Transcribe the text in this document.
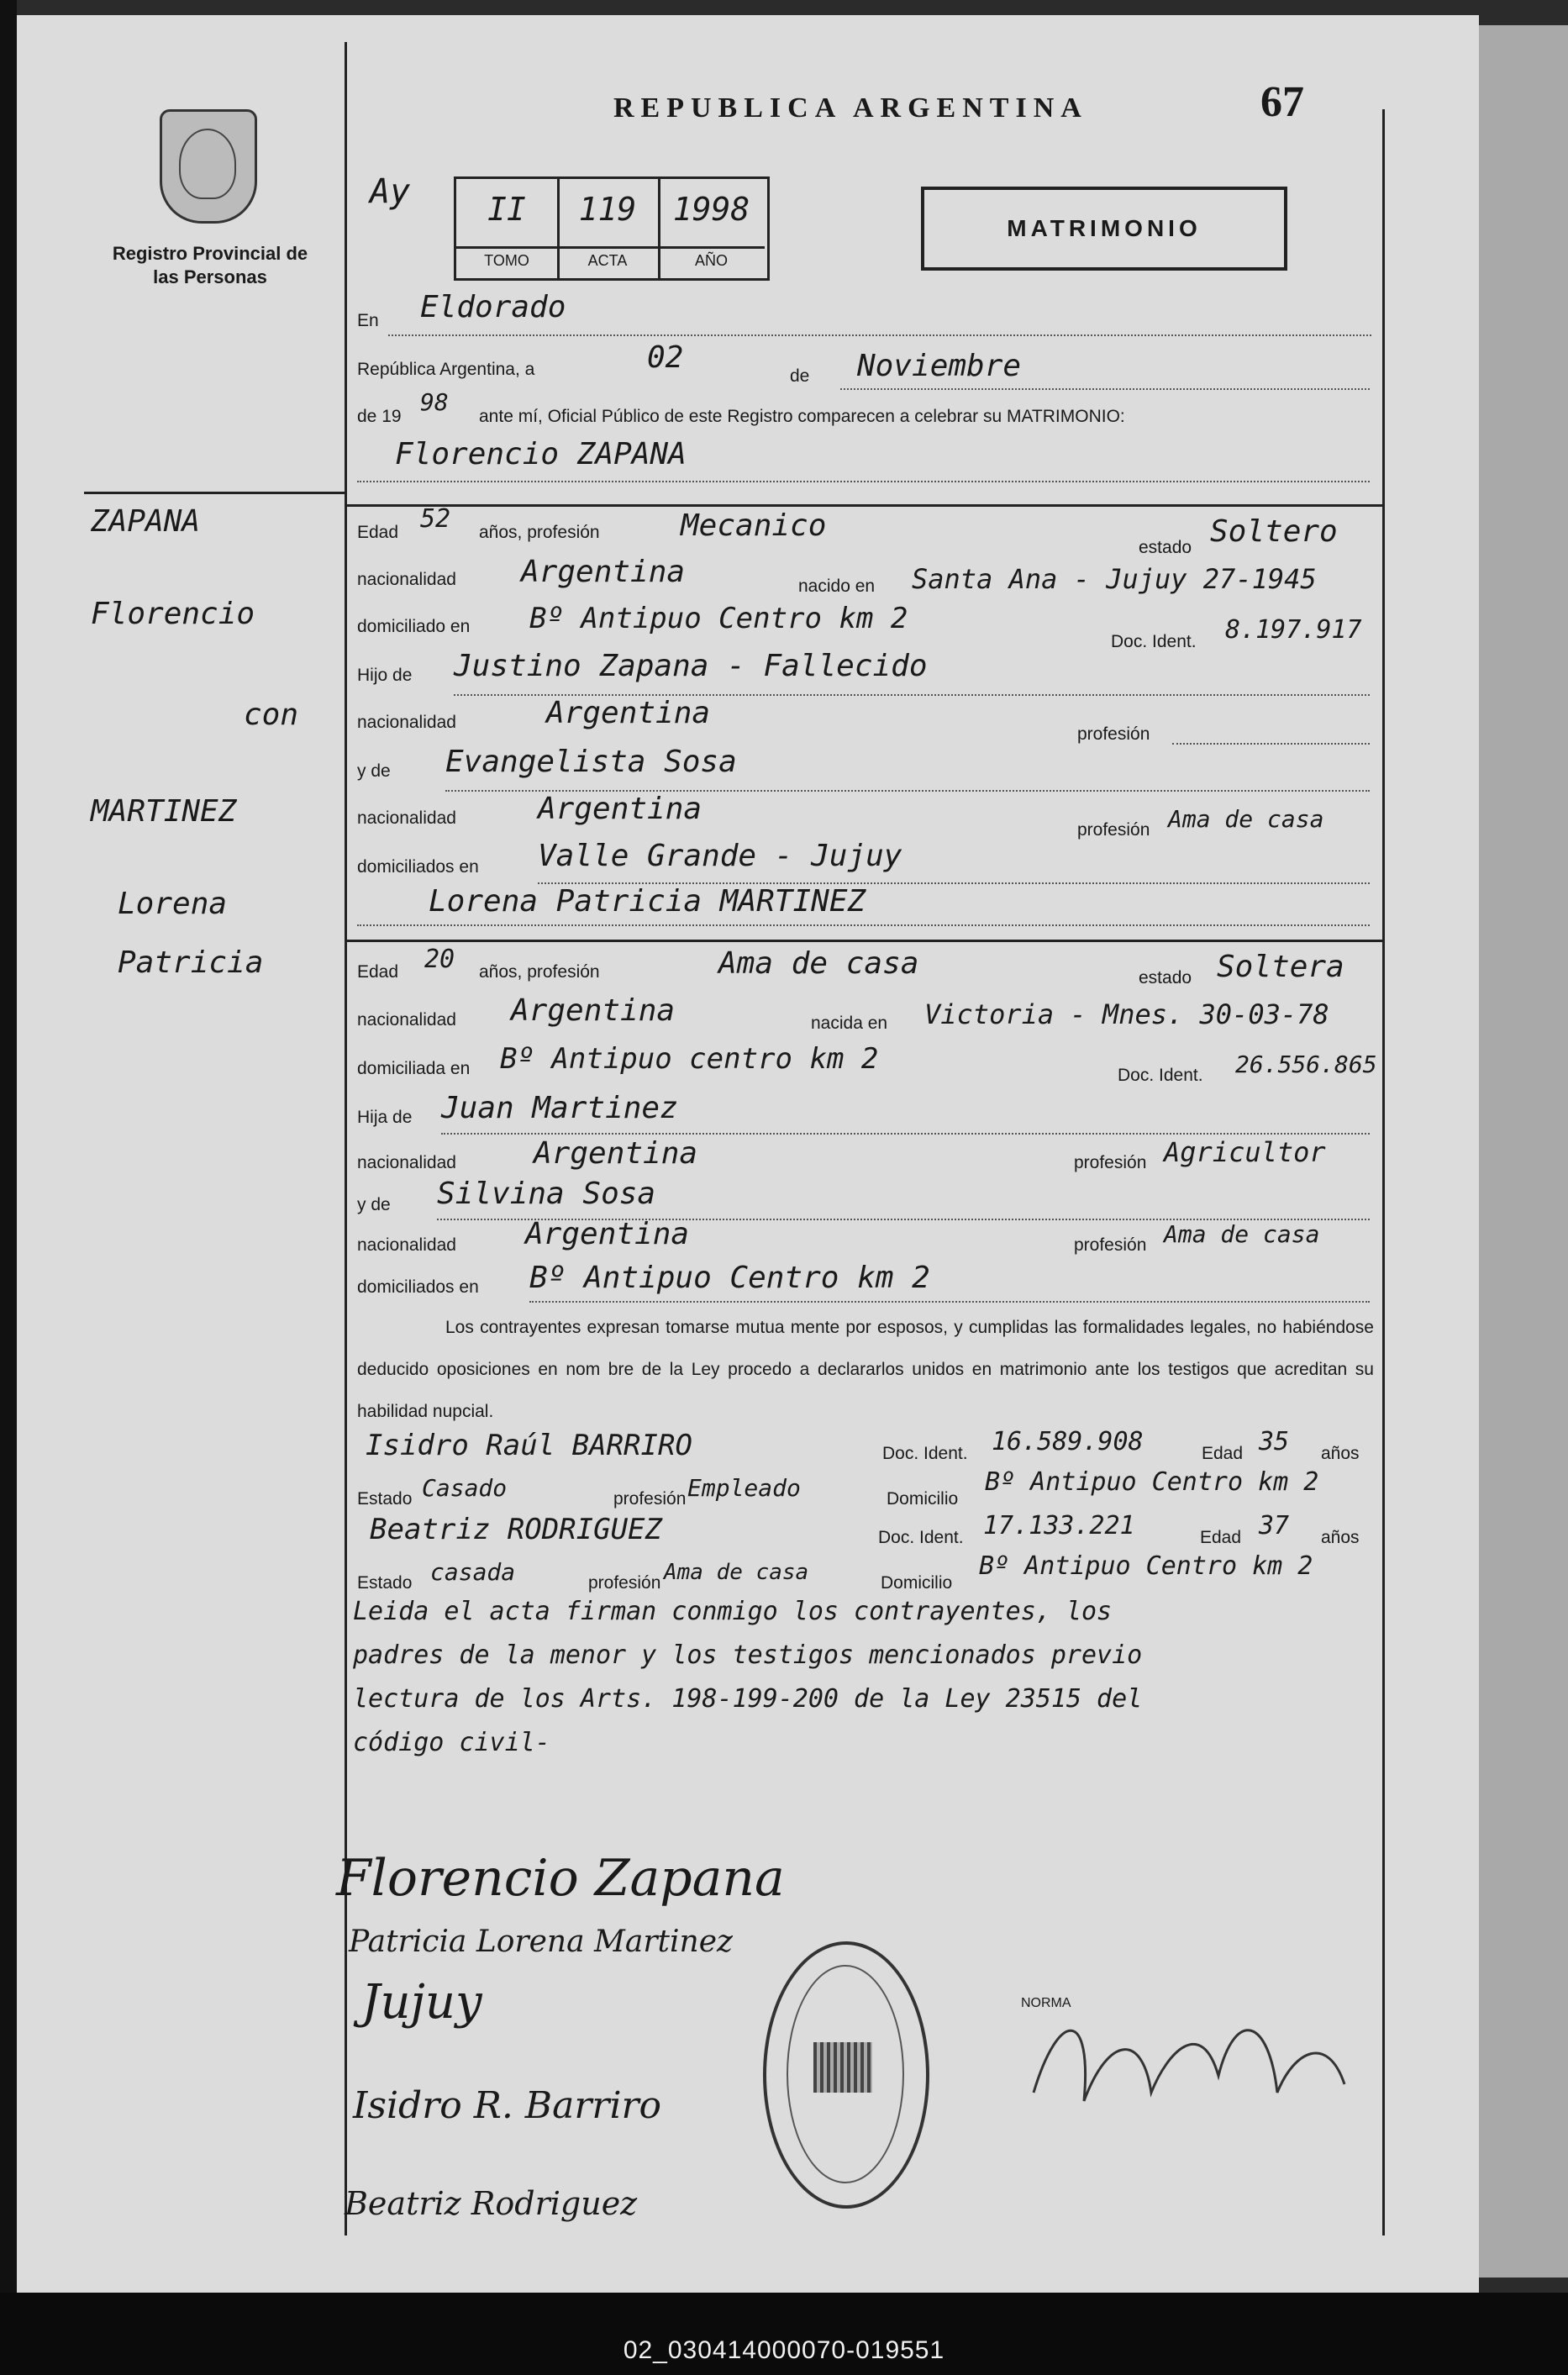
Registro Provincial de las Personas
REPUBLICA ARGENTINA	67
Ay	II
TOMO
119
ACTA
1998
AÑO
MATRIMONIO
En Eldorado
República Argentina, a	02
de Noviembre
de 19
98
ante mí, Oficial Público de este Registro comparecen a celebrar su MATRIMONIO:
Florencio ZAPANA
ZAPANA
Florencio
con
MARTINEZ
Lorena
Patricia
Edad 52 años, profesión	Mecanico
estado Soltero
nacionalidad Argentina	nacido en Santa Ana - Jujuy 27-1945
domiciliado en Bº Antipuo Centro km 2
Doc. Ident. 8.197.917
Hijo de Justino Zapana - Fallecido
nacionalidad	Argentina
profesión
y de Evangelista Sosa
nacionalidad	Argentina
profesión Ama de casa
domiciliados en Valle Grande - Jujuy
Lorena Patricia MARTINEZ
Edad 20 años, profesión	Ama de casa	estado Soltera
nacionalidad Argentina	nacida en Victoria - Mnes. 30-03-78
domiciliada en Bº Antipuo centro km 2	Doc. Ident. 26.556.865
Hija de Juan Martinez
nacionalidad	Argentina	profesión Agricultor
y de Silvina Sosa
nacionalidad Argentina	profesión Ama de casa
domiciliados en Bº Antipuo Centro km 2
Los contrayentes expresan tomarse mutua mente por esposos, y cumplidas las formalidades legales, no habiéndose deducido oposiciones en nom bre de la Ley procedo a declararlos unidos en matrimonio ante los testigos que acreditan su habilidad nupcial.
Isidro Raúl BARRIRO	Doc. Ident. 16.589.908	Edad 35 años
Estado Casado	profesión Empleado	Domicilio
Bº Antipuo Centro km 2
Beatriz RODRIGUEZ	Doc. Ident. 17.133.221	Edad 37 años
Estado casada	profesión Ama de casa	Domicilio
Bº Antipuo Centro km 2
Leida el acta firman conmigo los contrayentes, los
padres de la menor y los testigos mencionados previo
lectura de los Arts. 198-199-200 de la Ley 23515 del
código civil-
Florencio Zapana
Patricia Lorena Martinez
Jujuy
Isidro R. Barriro
Beatriz Rodriguez
NORMA
02_030414000070-019551
